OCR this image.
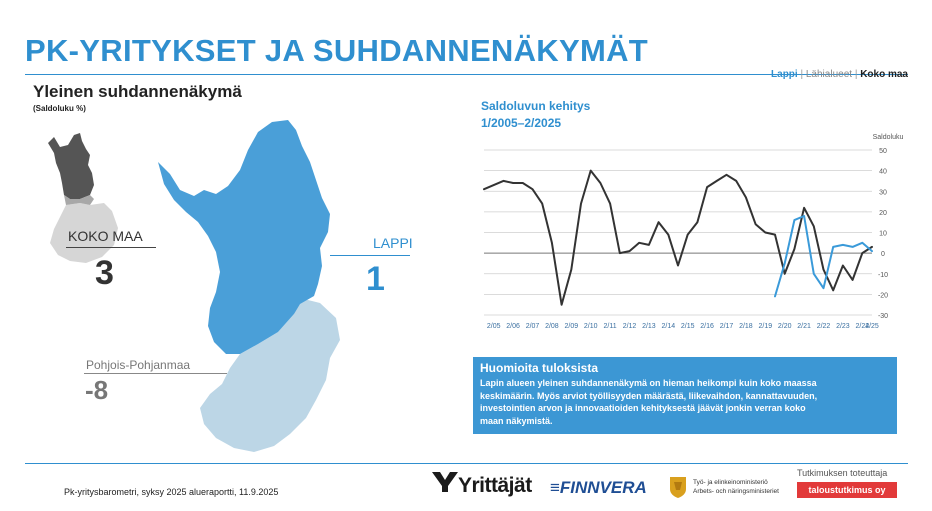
PK-YRITYKSET JA SUHDANNENÄKYMÄT
Lappi | Lähialueet | Koko maa
Yleinen suhdannenäkymä
(Saldoluku %)
KOKO MAA
3
LAPPI
1
Pohjois-Pohjanmaa
-8
Saldoluvun kehitys
1/2005–2/2025
50
40
30
20
10
0
-10
-20
-30
Saldoluku
2/05 2/06 2/07 2/08 2/09 2/10 2/11 2/12 2/13 2/14 2/15 2/16 2/17 2/18 2/19 2/20 2/21 2/22 2/23 2/24
2/25
Huomioita tuloksista
Lapin alueen yleinen suhdannenäkymä on hieman heikompi kuin koko maassa
keskimäärin. Myös arviot työllisyyden määrästä, liikevaihdon, kannattavuuden,
investointien arvon ja innovaatioiden kehityksestä jäävät jonkin verran koko
maan näkymistä.
Pk-yritysbarometri, syksy 2025 alueraportti, 11.9.2025	Yrittäjät ≡FINNVERA	Työ- ja elinkeinoministeriö
Arbets- och näringsministeriet
Tutkimuksen toteuttaja
taloustutkimus oy
